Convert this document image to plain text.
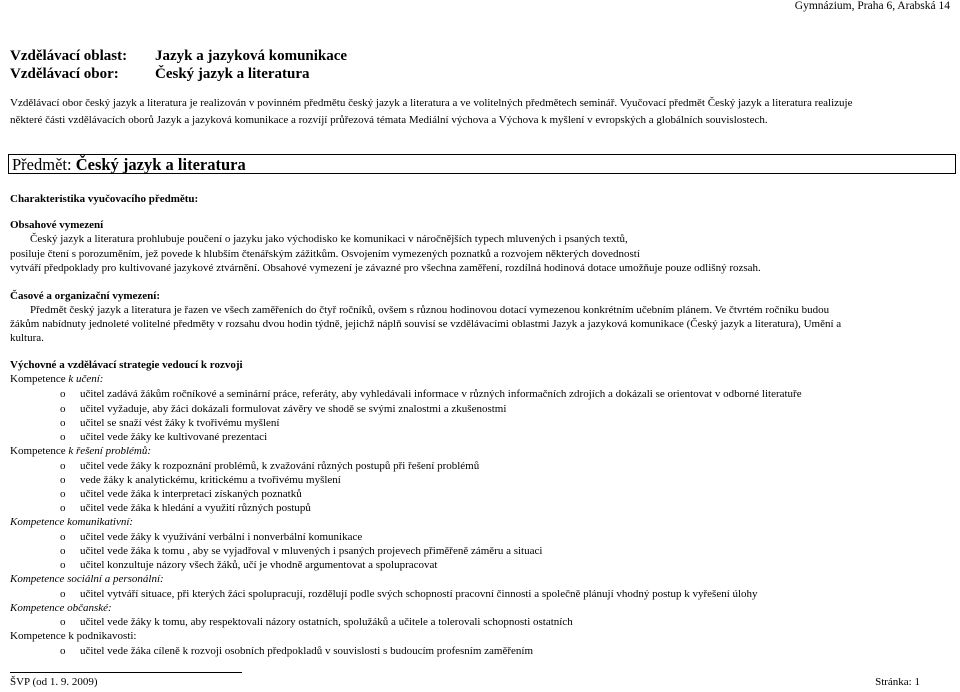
Gymnázium, Praha 6, Arabská 14
Vzdělávací oblast: Jazyk a jazyková komunikace
Vzdělávací obor: Český jazyk a literatura
Vzdělávací obor český jazyk a literatura je realizován v povinném předmětu český jazyk a literatura a ve volitelných předmětech seminář. Vyučovací předmět Český jazyk a literatura realizuje
některé části vzdělávacích oborů Jazyk a jazyková komunikace a rozvíjí průřezová témata Mediální výchova a Výchova k myšlení v evropských a globálních souvislostech.
Předmět: Český jazyk a literatura
Charakteristika vyučovacího předmětu:
Obsahové vymezení
Český jazyk a literatura prohlubuje poučení o jazyku jako východisko ke komunikaci v náročnějších typech mluvených i psaných textů,
posiluje čtení s porozuměním, jež povede k hlubším čtenářským zážitkům. Osvojením vymezených poznatků a rozvojem některých dovedností
vytváří předpoklady pro kultivované jazykové ztvárnění. Obsahové vymezení je závazné pro všechna zaměření, rozdílná hodinová dotace umožňuje pouze odlišný rozsah.
Časové a organizační vymezení:
Předmět český jazyk a literatura je řazen ve všech zaměřeních do čtyř ročníků, ovšem s různou hodinovou dotací vymezenou konkrétním učebním plánem. Ve čtvrtém ročníku budou
žákům nabídnuty jednoleté volitelné předměty v rozsahu dvou hodin týdně, jejichž náplň souvisí se vzdělávacími oblastmi Jazyk a jazyková komunikace (Český jazyk a literatura), Umění a
kultura.
Výchovné a vzdělávací strategie vedoucí k rozvoji
Kompetence k učení:
o učitel zadává žákům ročníkové a seminární práce, referáty, aby vyhledávali informace v různých informačních zdrojích a dokázali se orientovat v odborné literatuře
o učitel vyžaduje, aby žáci dokázali formulovat závěry ve shodě se svými znalostmi a zkušenostmi
o učitel se snaží vést žáky k tvořivému myšlení
o učitel vede žáky ke kultivované prezentaci
Kompetence k řešení problémů:
o učitel vede žáky k rozpoznání problémů, k zvažování různých postupů při řešení problémů
o vede žáky k analytickému, kritickému a tvořivému myšlení
o učitel vede žáka k interpretaci získaných poznatků
o učitel vede žáka k hledání a využití různých postupů
Kompetence komunikativní:
o učitel vede žáky k využívání verbální i nonverbální komunikace
o učitel vede žáka k tomu , aby se vyjadřoval v mluvených i psaných projevech přiměřeně záměru a situaci
o učitel konzultuje názory všech žáků, učí je vhodně argumentovat a spolupracovat
Kompetence sociální a personální:
o učitel vytváří situace, při kterých žáci spolupracují, rozdělují podle svých schopností pracovní činnosti a společně plánují vhodný postup k vyřešení úlohy
Kompetence občanské:
o učitel vede žáky k tomu, aby respektovali názory ostatních, spolužáků a učitele a tolerovali schopnosti ostatních
Kompetence k podnikavosti:
o učitel vede žáka cíleně k rozvoji osobních předpokladů v souvislosti s budoucím profesním zaměřením
ŠVP (od 1. 9. 2009)	Stránka: 1
